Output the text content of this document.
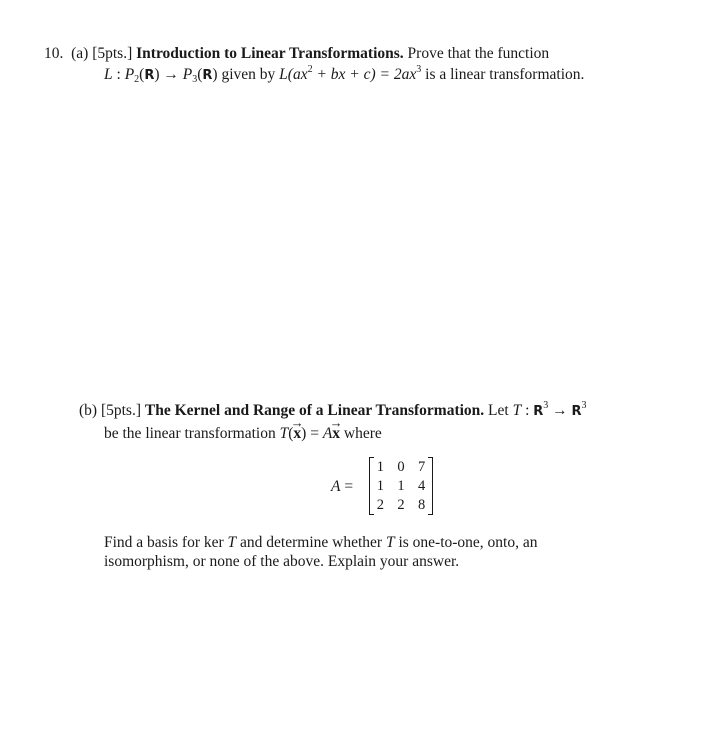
10. (a) [5pts.] Introduction to Linear Transformations. Prove that the function
L : $P_2(R) \to P_3(R)$ given by $L(ax^2$ + bx + $c) = 2ax^3$ is a linear transformation.
(b) [5pts.] The Kernel and Range of a Linear Transformation. Let T : $R^3 \to R^3$
be the linear transformation T(→ x) = A→ x where
A =
1 0 7
1 1 4
2 2 8
Find a basis for ker T and determine whether T is one-to-one, onto, an
isomorphism, or none of the above. Explain your answer.
